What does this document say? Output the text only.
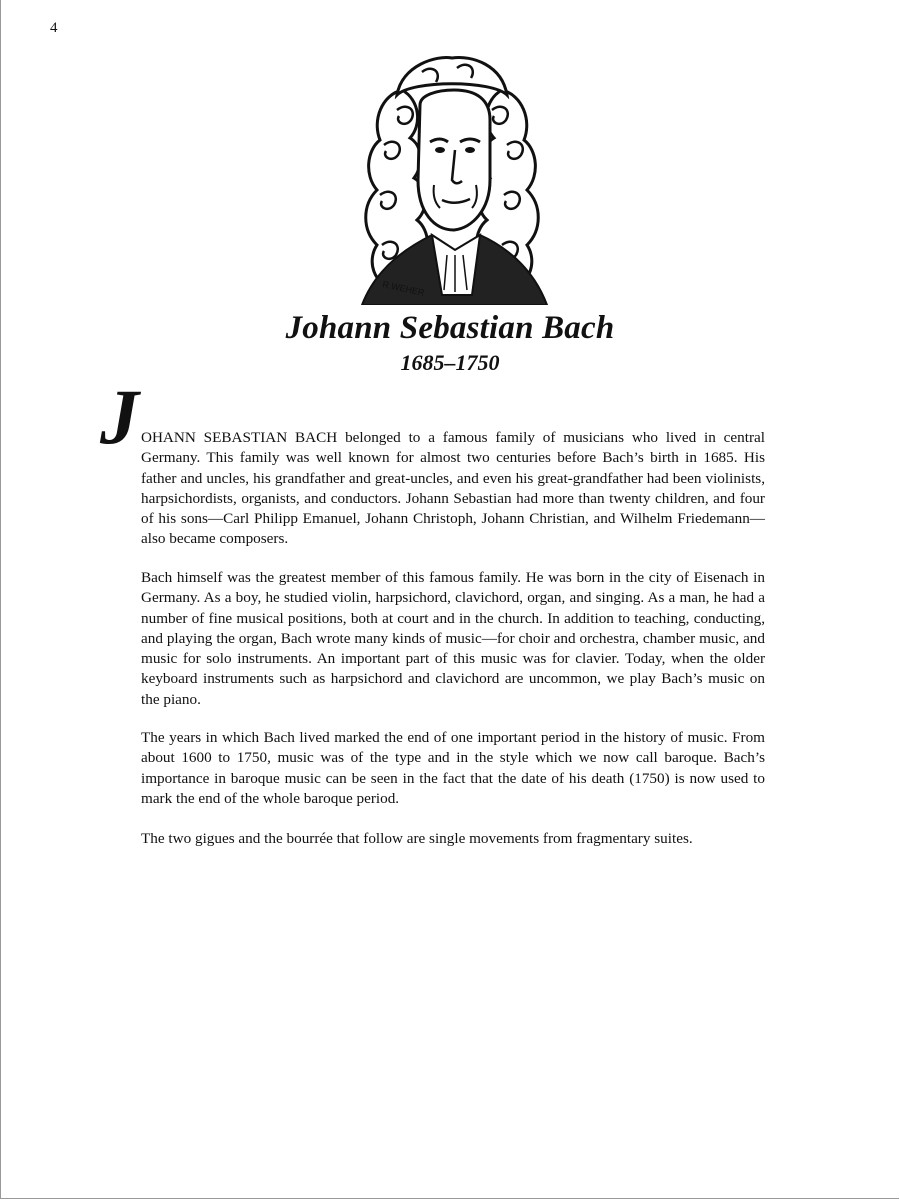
4
R.WEHER
Johann Sebastian Bach
1685–1750
J OHANN SEBASTIAN BACH belonged to a famous family of musicians who lived in central Germany. This family was well known for almost two centuries before Bach’s birth in 1685. His father and uncles, his grandfather and great-uncles, and even his great-grandfather had been violinists, harpsichordists, organists, and conductors. Johann Sebastian had more than twenty children, and four of his sons—Carl Philipp Emanuel, Johann Christoph, Johann Christian, and Wilhelm Friedemann—also became composers.
Bach himself was the greatest member of this famous family. He was born in the city of Eisenach in Germany. As a boy, he studied violin, harpsichord, clavichord, organ, and singing. As a man, he had a number of fine musical positions, both at court and in the church. In addition to teaching, conducting, and playing the organ, Bach wrote many kinds of music—for choir and orchestra, chamber music, and music for solo instruments. An important part of this music was for clavier. Today, when the older keyboard instruments such as harpsichord and clavichord are uncommon, we play Bach’s music on the piano.
The years in which Bach lived marked the end of one important period in the history of music. From about 1600 to 1750, music was of the type and in the style which we now call baroque. Bach’s importance in baroque music can be seen in the fact that the date of his death (1750) is now used to mark the end of the whole baroque period.
The two gigues and the bourrée that follow are single movements from fragmentary suites.
